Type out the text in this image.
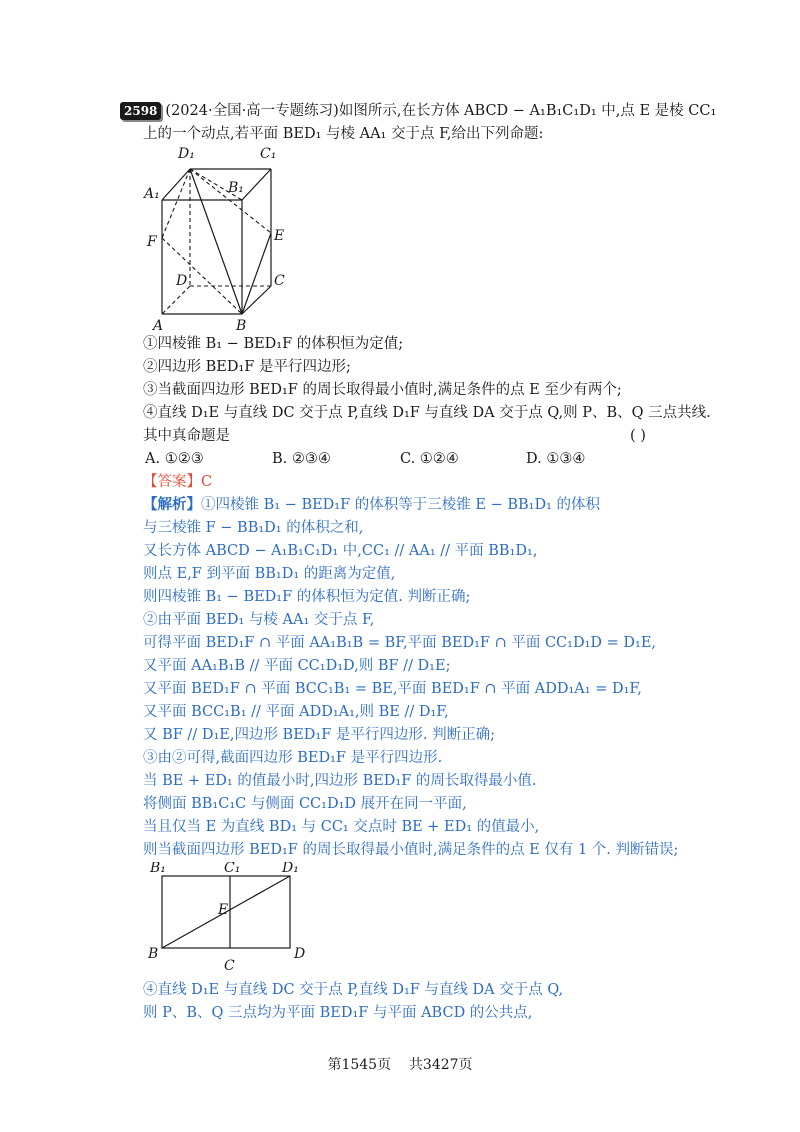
2598 (2024·全国·高一专题练习)如图所示,在长方体 ABCD − A₁B₁C₁D₁ 中,点 E 是棱 CC₁
上的一个动点,若平面 BED₁ 与棱 AA₁ 交于点 F,给出下列命题:
D₁	C₁
A₁	B₁
F	E
D	C
A	B
①四棱锥 B₁ − BED₁F 的体积恒为定值;
②四边形 BED₁F 是平行四边形;
③当截面四边形 BED₁F 的周长取得最小值时,满足条件的点 E 至少有两个;
④直线 D₁E 与直线 DC 交于点 P,直线 D₁F 与直线 DA 交于点 Q,则 P、B、Q 三点共线.
其中真命题是	( )
A. ①②③	B. ②③④	C. ①②④	D. ①③④
【答案】C
【解析】①四棱锥 B₁ − BED₁F 的体积等于三棱锥 E − BB₁D₁ 的体积
与三棱锥 F − BB₁D₁ 的体积之和,
又长方体 ABCD − A₁B₁C₁D₁ 中,CC₁ // AA₁ // 平面 BB₁D₁,
则点 E,F 到平面 BB₁D₁ 的距离为定值,
则四棱锥 B₁ − BED₁F 的体积恒为定值. 判断正确;
②由平面 BED₁ 与棱 AA₁ 交于点 F,
可得平面 BED₁F ∩ 平面 AA₁B₁B = BF,平面 BED₁F ∩ 平面 CC₁D₁D = D₁E,
又平面 AA₁B₁B // 平面 CC₁D₁D,则 BF // D₁E;
又平面 BED₁F ∩ 平面 BCC₁B₁ = BE,平面 BED₁F ∩ 平面 ADD₁A₁ = D₁F,
又平面 BCC₁B₁ // 平面 ADD₁A₁,则 BE // D₁F,
又 BF // D₁E,四边形 BED₁F 是平行四边形. 判断正确;
③由②可得,截面四边形 BED₁F 是平行四边形.
当 BE + ED₁ 的值最小时,四边形 BED₁F 的周长取得最小值.
将侧面 BB₁C₁C 与侧面 CC₁D₁D 展开在同一平面,
当且仅当 E 为直线 BD₁ 与 CC₁ 交点时 BE + ED₁ 的值最小,
则当截面四边形 BED₁F 的周长取得最小值时,满足条件的点 E 仅有 1 个. 判断错误;
B₁	C₁	D₁
E
B
C
D
④直线 D₁E 与直线 DC 交于点 P,直线 D₁F 与直线 DA 交于点 Q,
则 P、B、Q 三点均为平面 BED₁F 与平面 ABCD 的公共点,
第1545页 共3427页
